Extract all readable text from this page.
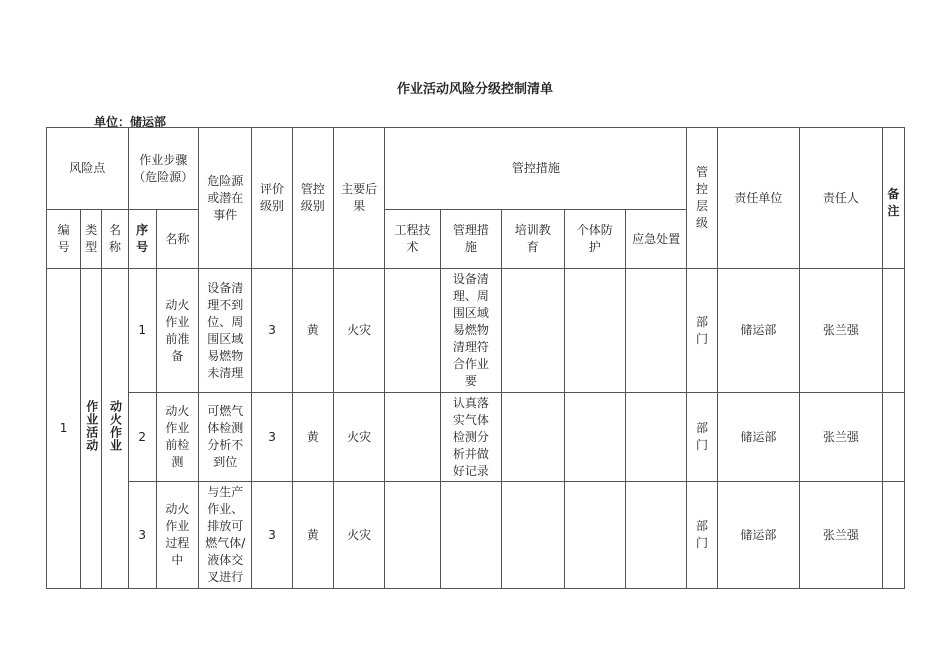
作业活动风险分级控制清单
单位：储运部
风险点			作业步骤（危险源）		危险源或潜在事件	评价级别	管控级别	主要后果	管控措施					管控层级	责任单位	责任人	备注

编号	类型	名称	序号	名称					工程技术	管理措施	培训教育	个体防护	应急处置				

1	作业活动	动火作业	1	动火作业前准备	设备清理不到位、周围区域易燃物未清理	3	黄	火灾		设备清理、周围区域易燃物清理符合作业要				部门	储运部	张兰强	
			2	动火作业前检测	可燃气体检测分析不到位	3	黄	火灾		认真落实气体检测分析并做好记录				部门	储运部	张兰强	
			3	动火作业过程中	与生产作业、排放可燃气体/液体交叉进行	3	黄	火灾						部门	储运部	张兰强	
